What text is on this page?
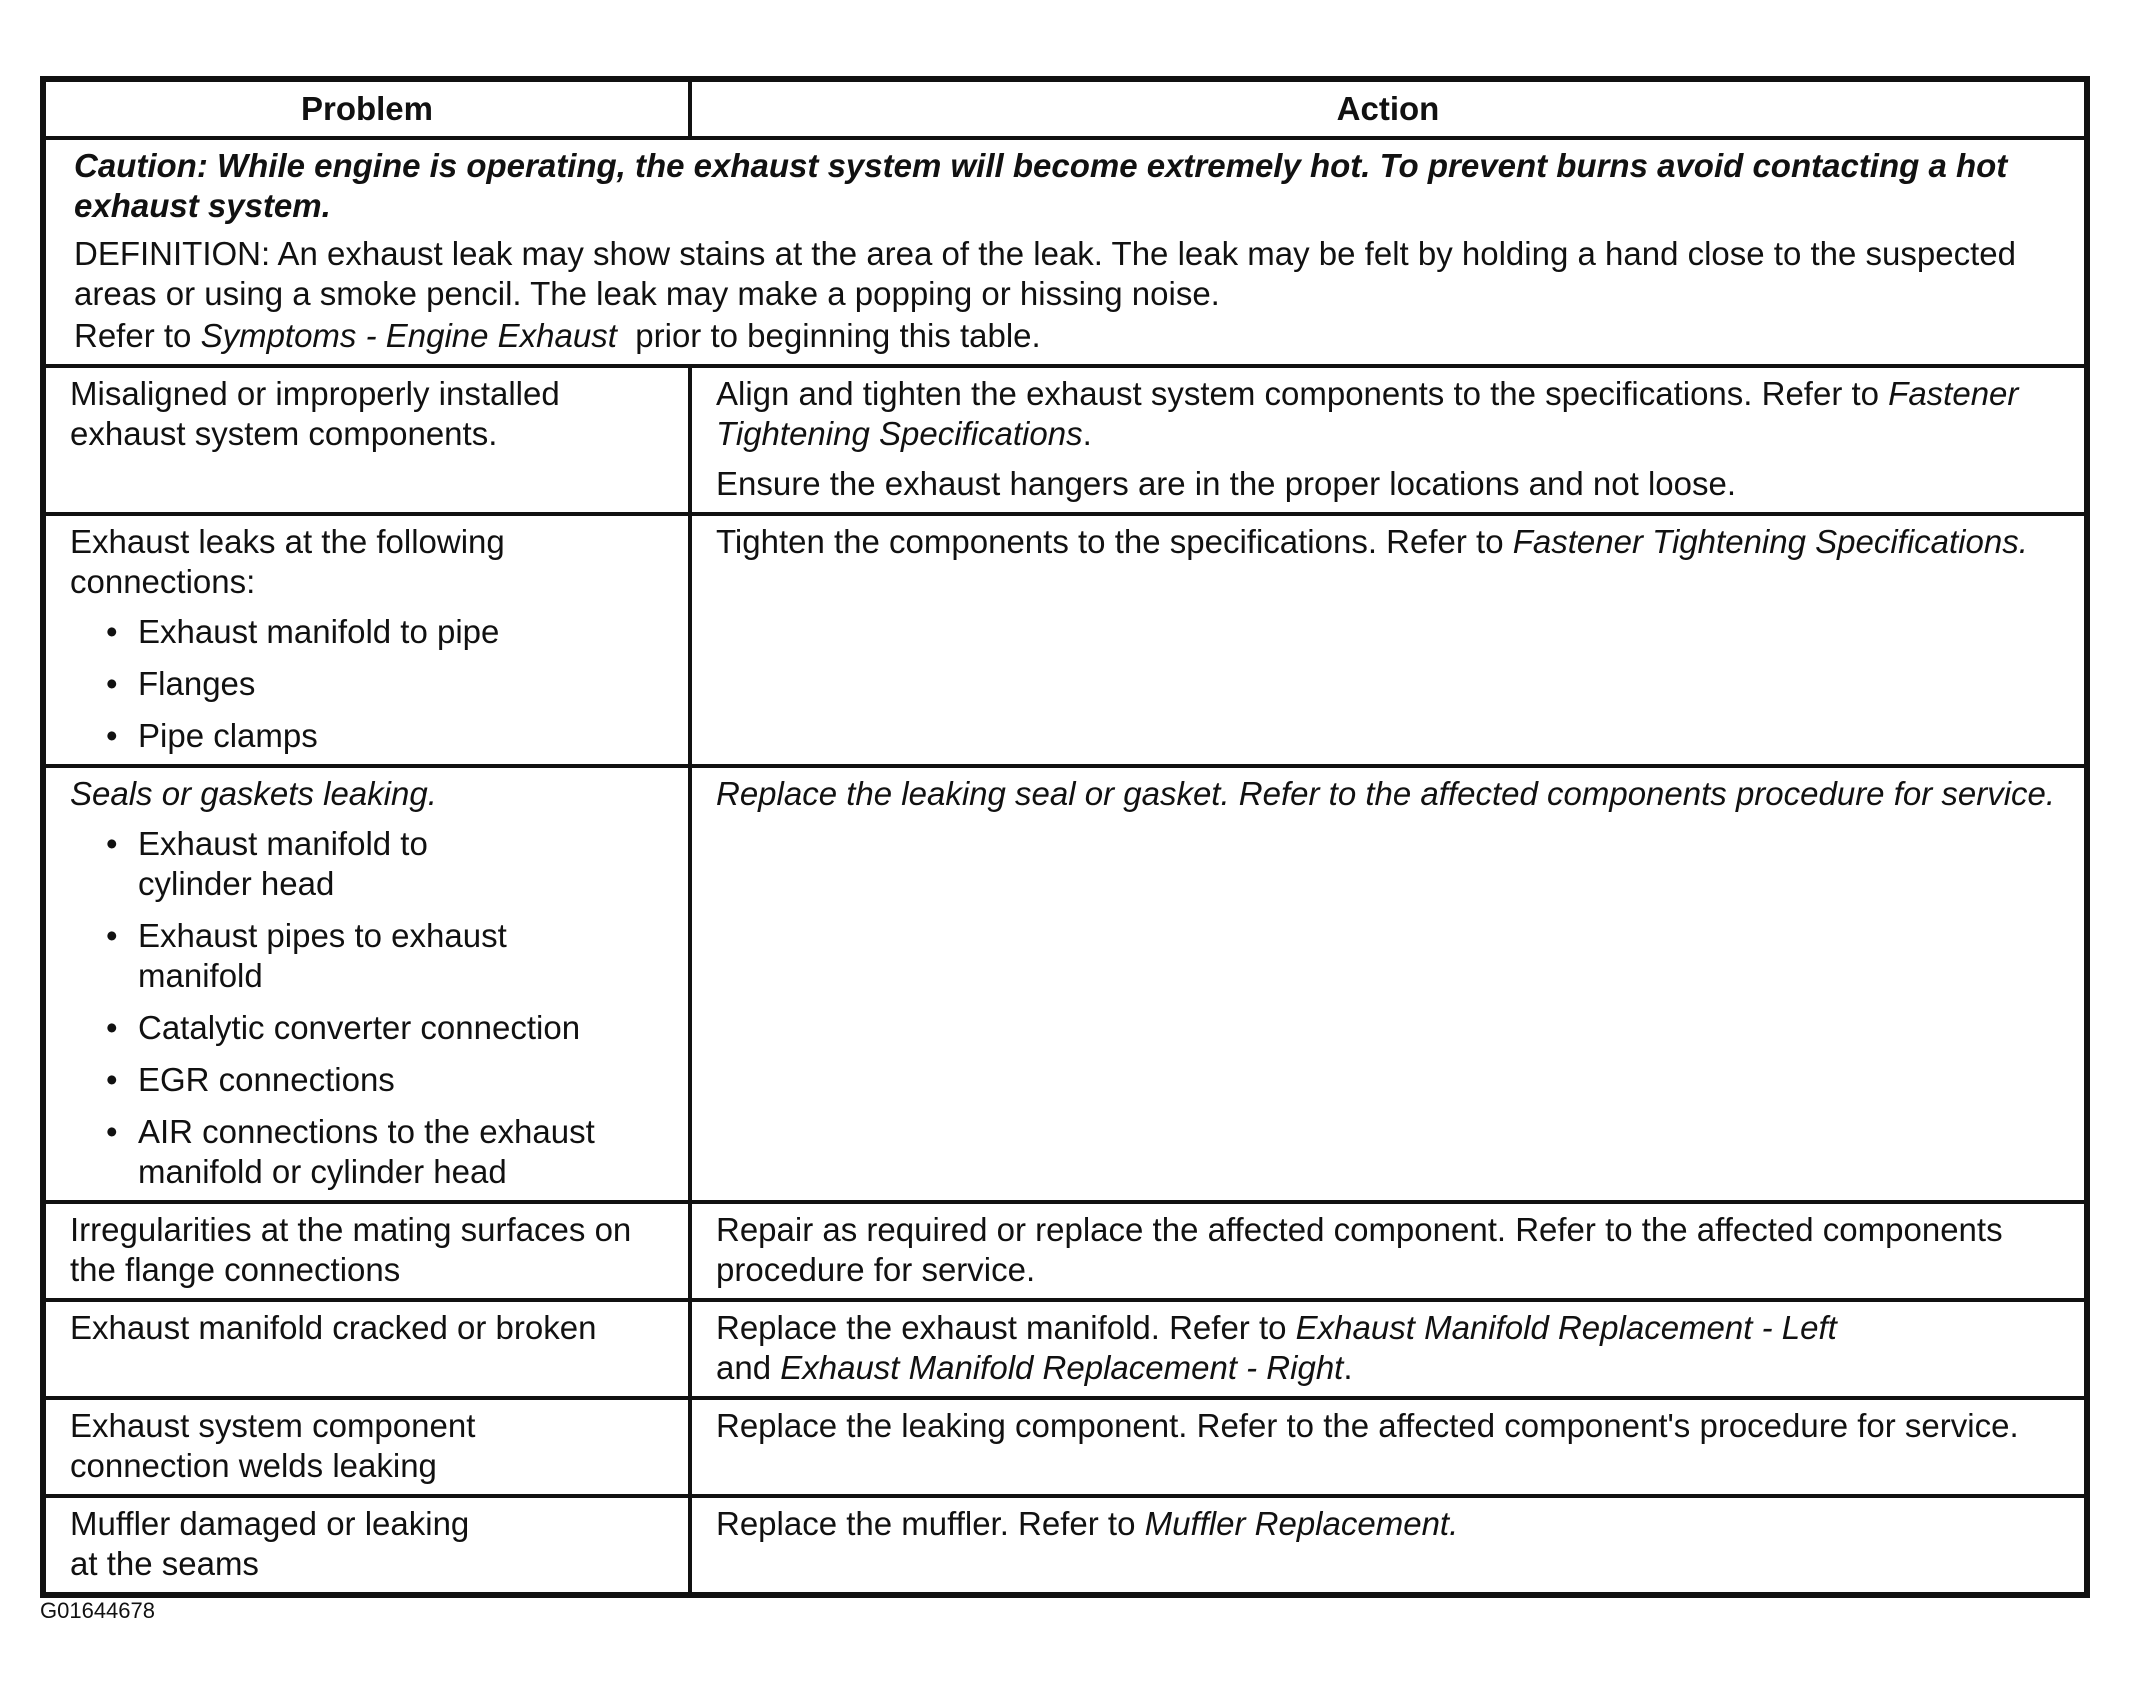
Problem	Action

Caution: While engine is operating, the exhaust system will become extremely hot. To prevent burns avoid contacting a hot exhaust system.

DEFINITION: An exhaust leak may show stains at the area of the leak. The leak may be felt by holding a hand close to the suspected areas or using a smoke pencil. The leak may make a popping or hissing noise.

Refer to Symptoms - Engine Exhaust prior to beginning this table.

Misaligned or improperly installed exhaust system components.

Align and tighten the exhaust system components to the specifications. Refer to Fastener Tightening Specifications.

Ensure the exhaust hangers are in the proper locations and not loose.

Exhaust leaks at the following connections:

• Exhaust manifold to pipe
• Flanges
• Pipe clamps

Tighten the components to the specifications. Refer to Fastener Tightening Specifications.

Seals or gaskets leaking.

• Exhaust manifold to cylinder head
• Exhaust pipes to exhaust manifold
• Catalytic converter connection
• EGR connections
• AIR connections to the exhaust manifold or cylinder head

Replace the leaking seal or gasket. Refer to the affected components procedure for service.

Irregularities at the mating surfaces on the flange connections

Repair as required or replace the affected component. Refer to the affected components procedure for service.

Exhaust manifold cracked or broken	Replace the exhaust manifold. Refer to Exhaust Manifold Replacement - Left
and Exhaust Manifold Replacement - Right.

Exhaust system component connection welds leaking

Replace the leaking component. Refer to the affected component's procedure for service.

Muffler damaged or leaking at the seams

Replace the muffler. Refer to Muffler Replacement.

G01644678
